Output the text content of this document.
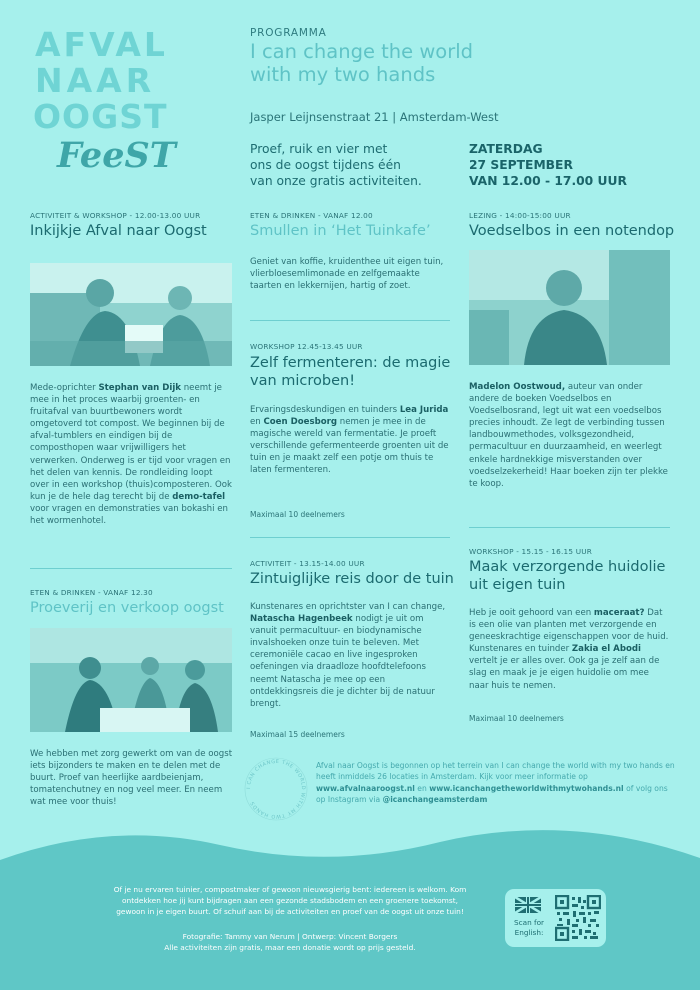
AFVAL
NAAR
OOGST
FeeST
PROGRAMMA
I can change the world
with my two hands
Jasper Leijnsenstraat 21 | Amsterdam-West
Proef, ruik en vier met
ons de oogst tijdens één
van onze gratis activiteiten.
ZATERDAG
27 SEPTEMBER
VAN 12.00 - 17.00 UUR
ACTIVITEIT & WORKSHOP - 12.00-13.00 UUR
Inkijkje Afval naar Oogst
Mede-oprichter Stephan van Dijk neemt je mee in het proces waarbij groenten- en fruitafval van buurtbewoners wordt omgetoverd tot compost. We beginnen bij de afval-tumblers en eindigen bij de composthopen waar vrijwilligers het verwerken. Onderweg is er tijd voor vragen en het delen van kennis. De rondleiding loopt over in een workshop (thuis)composteren. Ook kun je de hele dag terecht bij de demo-tafel voor vragen en demonstraties van bokashi en het wormenhotel.
ETEN & DRINKEN - VANAF 12.30
Proeverij en verkoop oogst
We hebben met zorg gewerkt om van de oogst iets bijzonders te maken en te delen met de buurt. Proef van heerlijke aardbeienjam, tomatenchutney en nog veel meer. En neem wat mee voor thuis!
ETEN & DRINKEN - VANAF 12.00
Smullen in ‘Het Tuinkafe’
Geniet van koffie, kruidenthee uit eigen tuin, vlierbloesemlimonade en zelfgemaakte taarten en lekkernijen, hartig of zoet.
WORKSHOP 12.45-13.45 UUR
Zelf fermenteren: de magie van microben!
Ervaringsdeskundigen en tuinders Lea Jurida en Coen Doesborg nemen je mee in de magische wereld van fermentatie. Je proeft verschillende gefermenteerde groenten uit de tuin en je maakt zelf een potje om thuis te laten fermenteren.
Maximaal 10 deelnemers
ACTIVITEIT - 13.15-14.00 UUR
Zintuiglijke reis door de tuin
Kunstenares en oprichtster van I can change, Natascha Hagenbeek nodigt je uit om vanuit permacultuur- en biodynamische invalshoeken onze tuin te beleven. Met ceremoniële cacao en live ingesproken oefeningen via draadloze hoofdtelefoons neemt Natascha je mee op een ontdekkingsreis die je dichter bij de natuur brengt.
Maximaal 15 deelnemers
LEZING - 14:00-15:00 UUR
Voedselbos in een notendop
Madelon Oostwoud, auteur van onder andere de boeken Voedselbos en Voedselbosrand, legt uit wat een voedselbos precies inhoudt. Ze legt de verbinding tussen landbouwmethodes, volksgezondheid, permacultuur en duurzaamheid, en weerlegt enkele hardnekkige misverstanden over voedselzekerheid! Haar boeken zijn ter plekke te koop.
WORKSHOP - 15.15 - 16.15 UUR
Maak verzorgende huidolie uit eigen tuin
Heb je ooit gehoord van een maceraat? Dat is een olie van planten met verzorgende en geneeskrachtige eigenschappen voor de huid. Kunstenares en tuinder Zakia el Abodi vertelt je er alles over. Ook ga je zelf aan de slag en maak je je eigen huidolie om mee naar huis te nemen.
Maximaal 10 deelnemers
I CAN CHANGE THE WORLD WITH MY TWO HANDS
Afval naar Oogst is begonnen op het terrein van I can change the world with my two hands en heeft inmiddels 26 locaties in Amsterdam. Kijk voor meer informatie op www.afvalnaaroogst.nl en www.icanchangetheworldwithmytwohands.nl of volg ons op Instagram via @icanchangeamsterdam
Of je nu ervaren tuinier, compostmaker of gewoon nieuwsgierig bent: iedereen is welkom. Kom
ontdekken hoe jij kunt bijdragen aan een gezonde stadsbodem en een groenere toekomst,
gewoon in je eigen buurt. Of schuif aan bij de activiteiten en proef van de oogst uit onze tuin!
Fotografie: Tammy van Nerum | Ontwerp: Vincent Borgers
Alle activiteiten zijn gratis, maar een donatie wordt op prijs gesteld.
Scan for
English:
